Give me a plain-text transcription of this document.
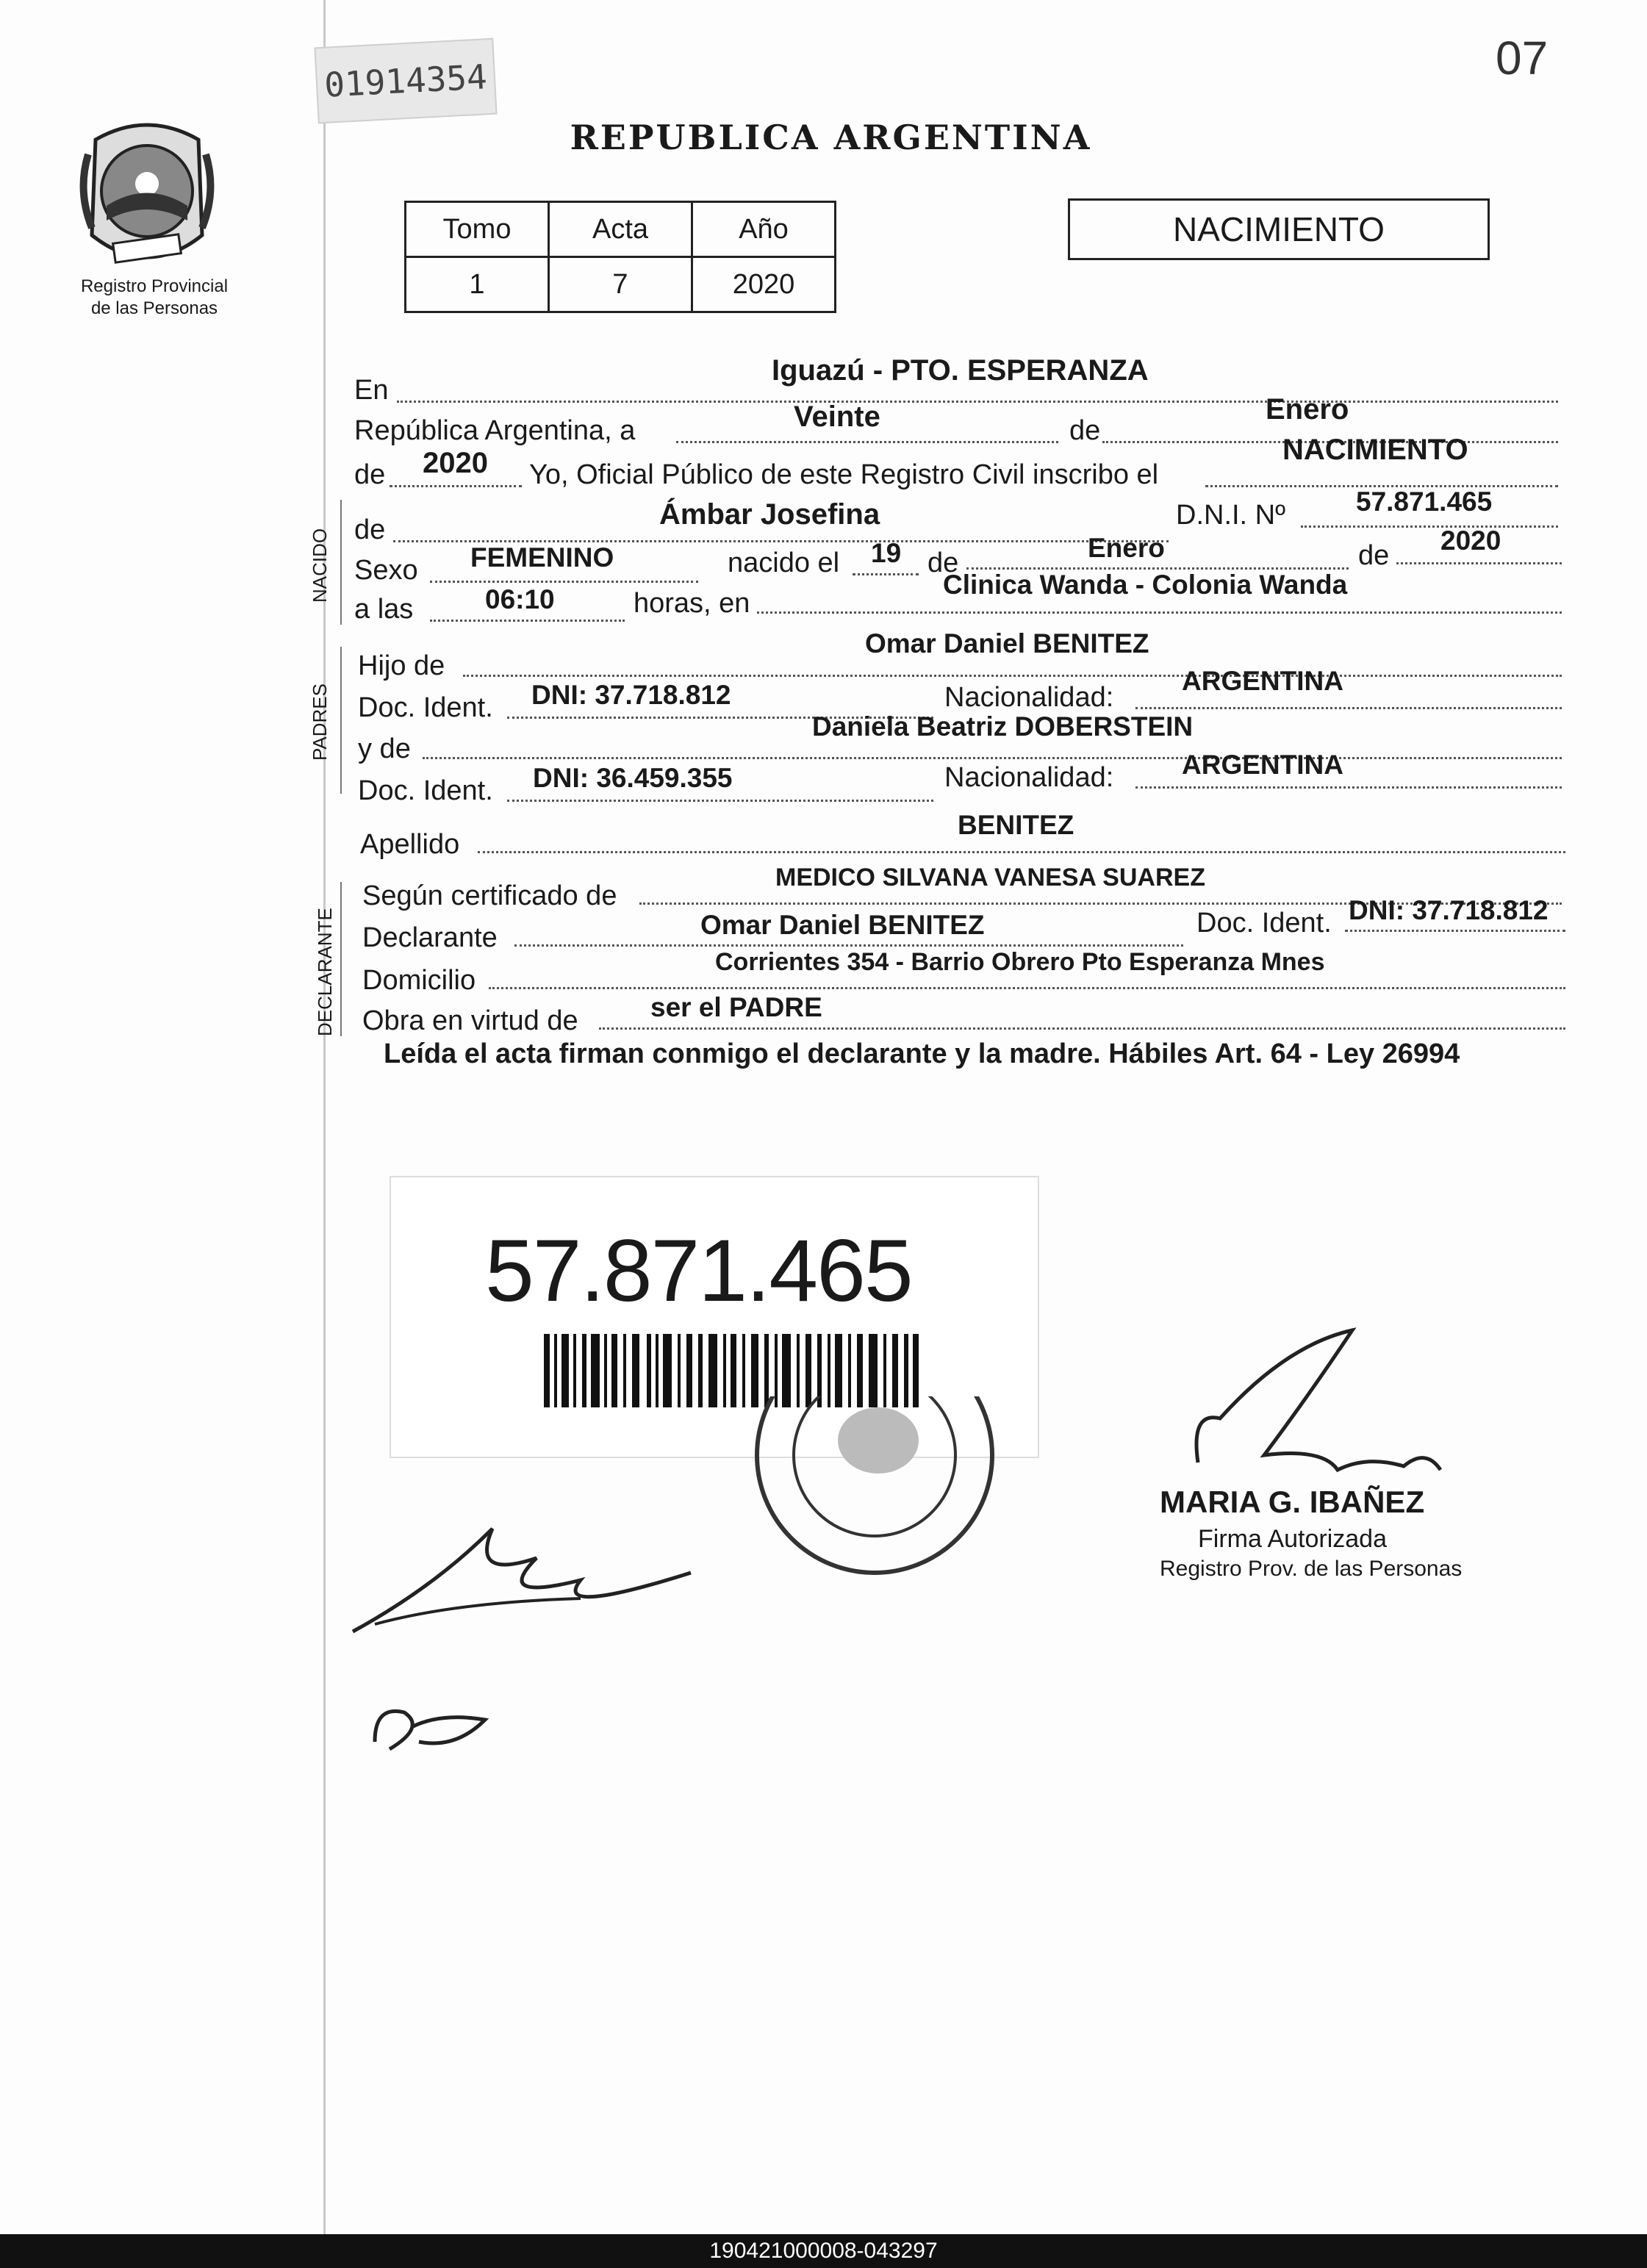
07
01914354
Registro Provincial
de las Personas
REPUBLICA ARGENTINA
Tomo	Acta	Año
1	7	2020
NACIMIENTO
En
Iguazú - PTO. ESPERANZA
República Argentina, a	Veinte	de
Enero
de 2020 Yo, Oficial Público de este Registro Civil inscribo el
NACIMIENTO
NACIDO de	Ámbar Josefina	D.N.I. Nº	57.871.465
Sexo FEMENINO	nacido el 19 de	Enero	de 2020
a las	06:10	horas, en
Clinica Wanda - Colonia Wanda
PADRES
Hijo de
Omar Daniel BENITEZ
Doc. Ident. DNI: 37.718.812	Nacionalidad:
ARGENTINA
y de
Daniela Beatriz DOBERSTEIN
Doc. Ident. DNI: 36.459.355	Nacionalidad:	ARGENTINA
Apellido
BENITEZ
DECLARANTE
Según certificado de
MEDICO SILVANA VANESA SUAREZ
Declarante	Omar Daniel BENITEZ	Doc. Ident. DNI: 37.718.812
Domicilio
Corrientes 354 - Barrio Obrero Pto Esperanza Mnes
Obra en virtud de	ser el PADRE
Leída el acta firman conmigo el declarante y la madre. Hábiles Art. 64 - Ley 26994
57.871.465
MARIA G. IBAÑEZ
Firma Autorizada
Registro Prov. de las Personas
190421000008-043297
